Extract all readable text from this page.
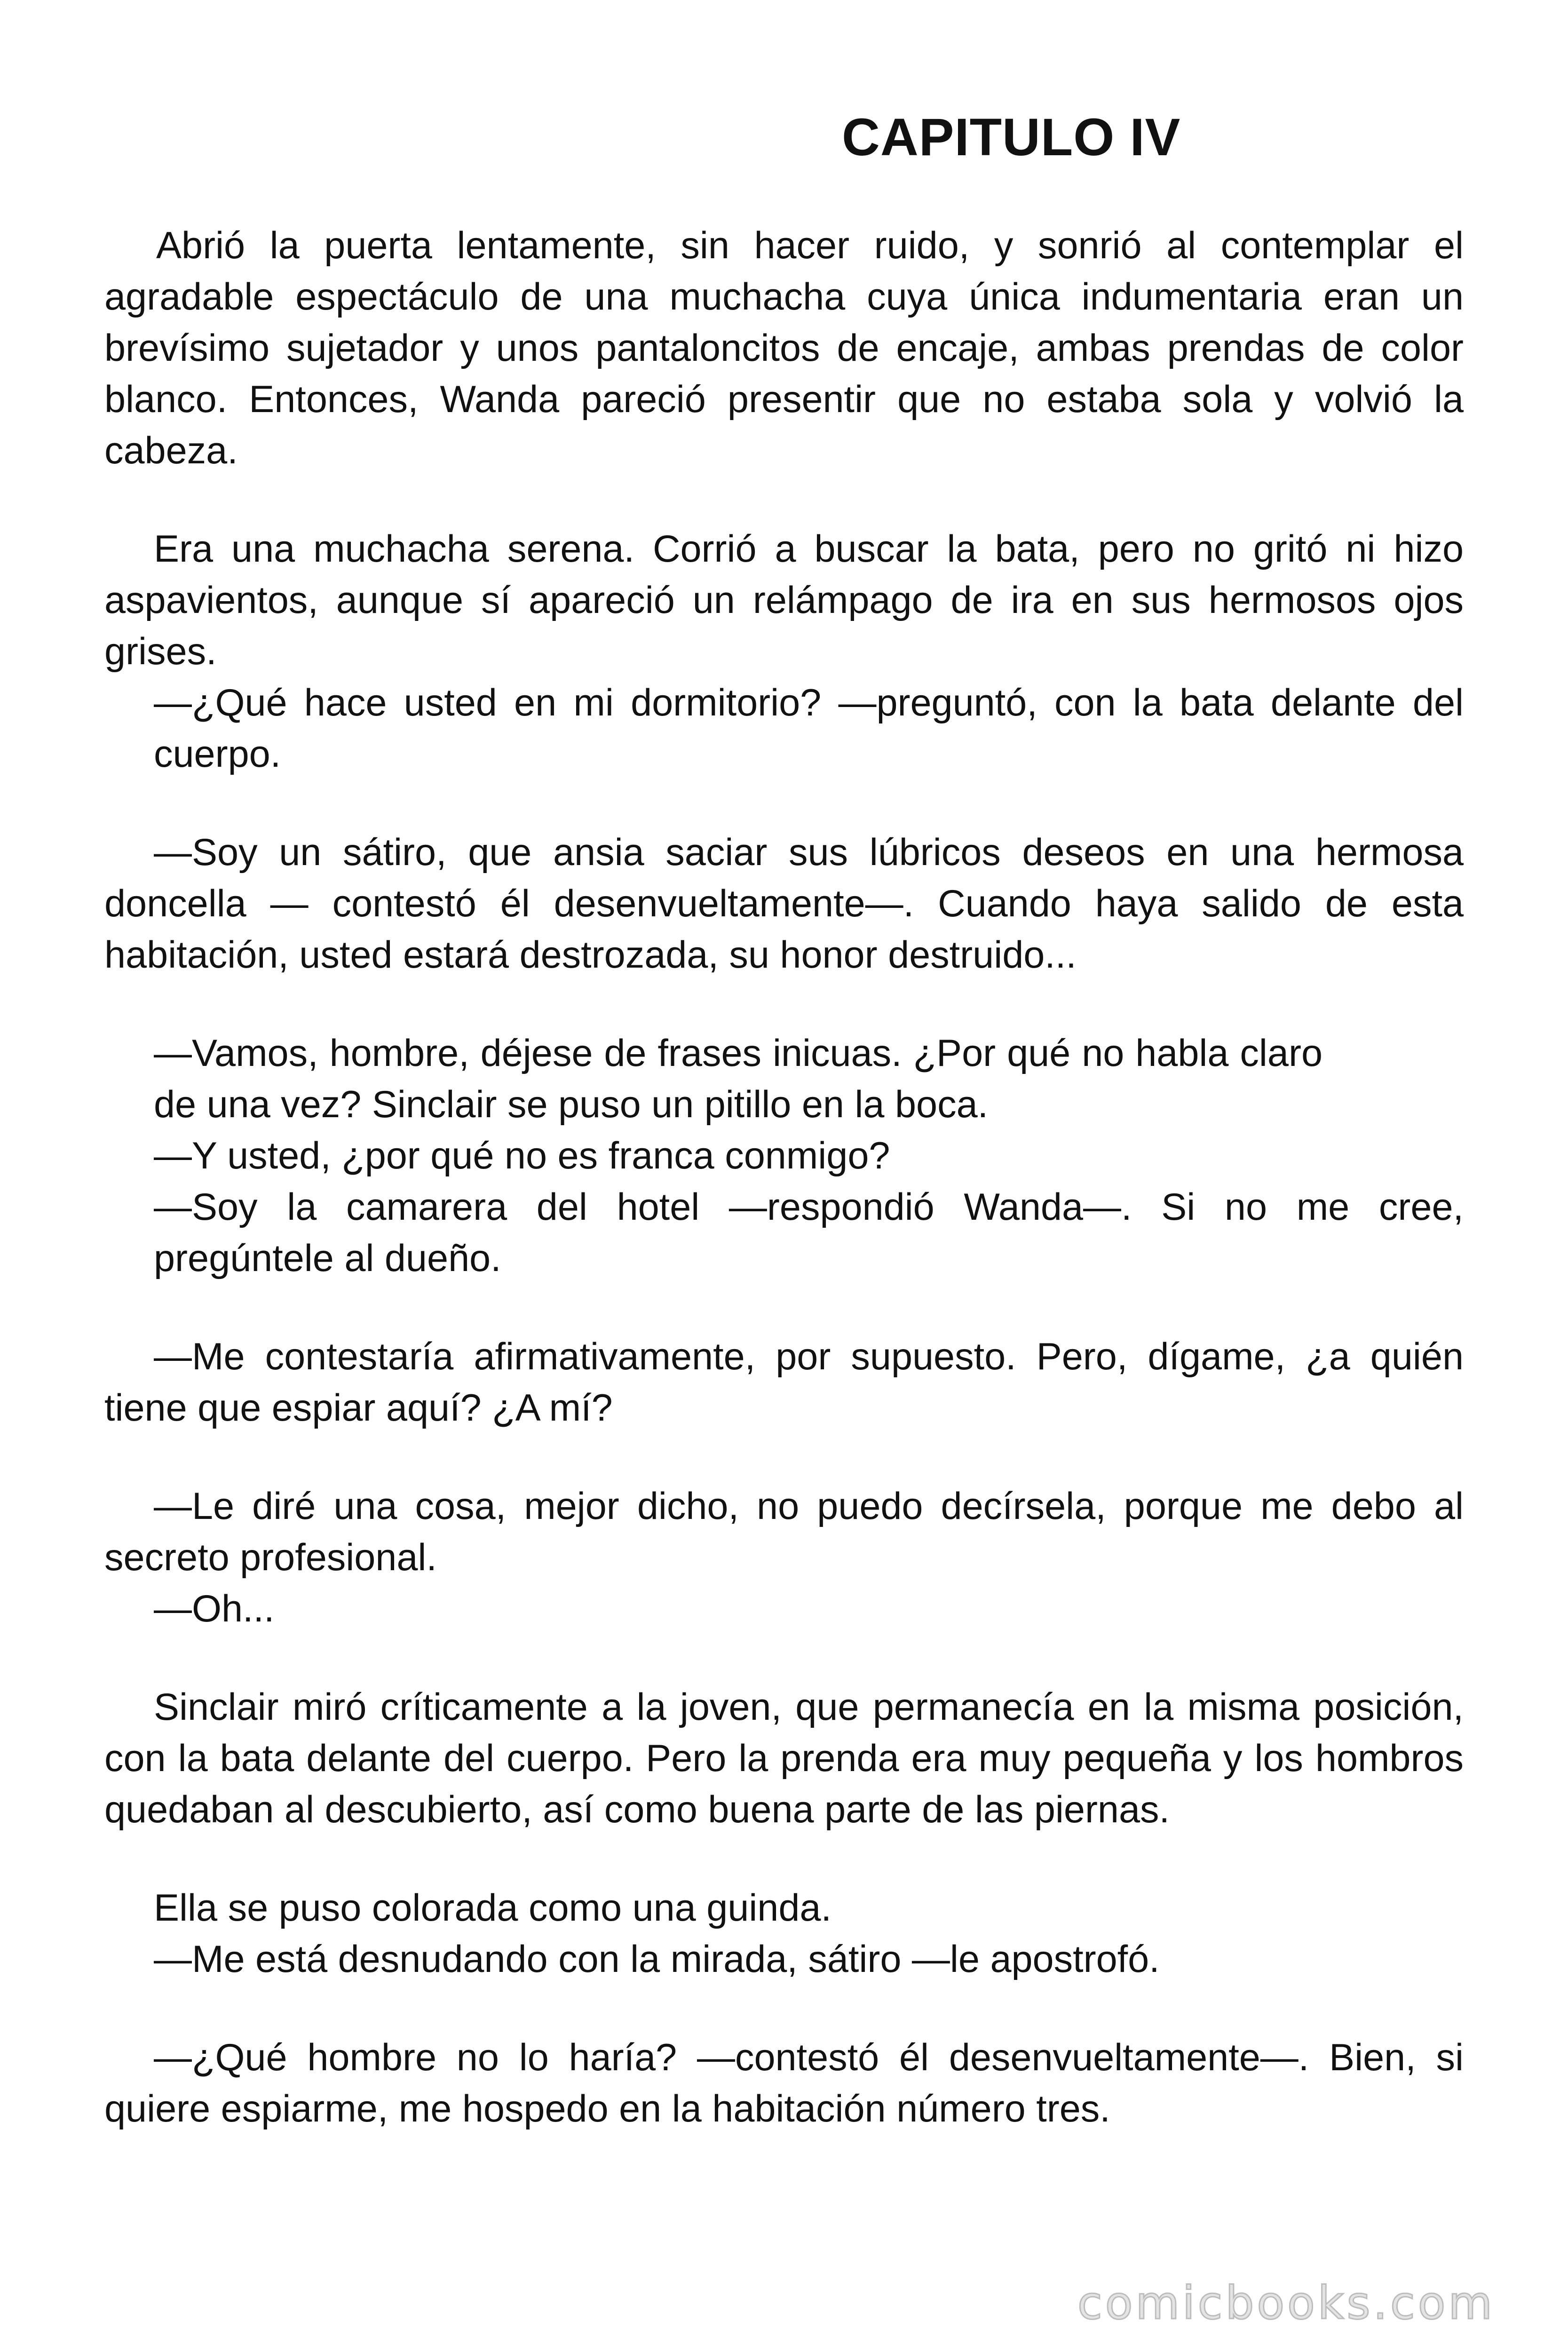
CAPITULO IV

Abrió la puerta lentamente, sin hacer ruido, y sonrió al contemplar el agradable espectáculo de una muchacha cuya única indumentaria eran un brevísimo sujetador y unos pantaloncitos de encaje, ambas prendas de color blanco. Entonces, Wanda pareció presentir que no estaba sola y volvió la cabeza.

Era una muchacha serena. Corrió a buscar la bata, pero no gritó ni hizo aspavientos, aunque sí apareció un relámpago de ira en sus hermosos ojos grises.

—¿Qué hace usted en mi dormitorio? —preguntó, con la bata delante del cuerpo.

—Soy un sátiro, que ansia saciar sus lúbricos deseos en una hermosa doncella — contestó él desenvueltamente—. Cuando haya salido de esta habitación, usted estará destrozada, su honor destruido...

—Vamos, hombre, déjese de frases inicuas. ¿Por qué no habla claro de una vez? Sinclair se puso un pitillo en la boca.

—Y usted, ¿por qué no es franca conmigo?

—Soy la camarera del hotel —respondió Wanda—. Si no me cree, pregúntele al dueño.

—Me contestaría afirmativamente, por supuesto. Pero, dígame, ¿a quién tiene que espiar aquí? ¿A mí?

—Le diré una cosa, mejor dicho, no puedo decírsela, porque me debo al secreto profesional.

—Oh...

Sinclair miró críticamente a la joven, que permanecía en la misma posición, con la bata delante del cuerpo. Pero la prenda era muy pequeña y los hombros quedaban al descubierto, así como buena parte de las piernas.

Ella se puso colorada como una guinda.

—Me está desnudando con la mirada, sátiro —le apostrofó.

—¿Qué hombre no lo haría? —contestó él desenvueltamente—. Bien, si quiere espiarme, me hospedo en la habitación número tres.

comicbooks.com
